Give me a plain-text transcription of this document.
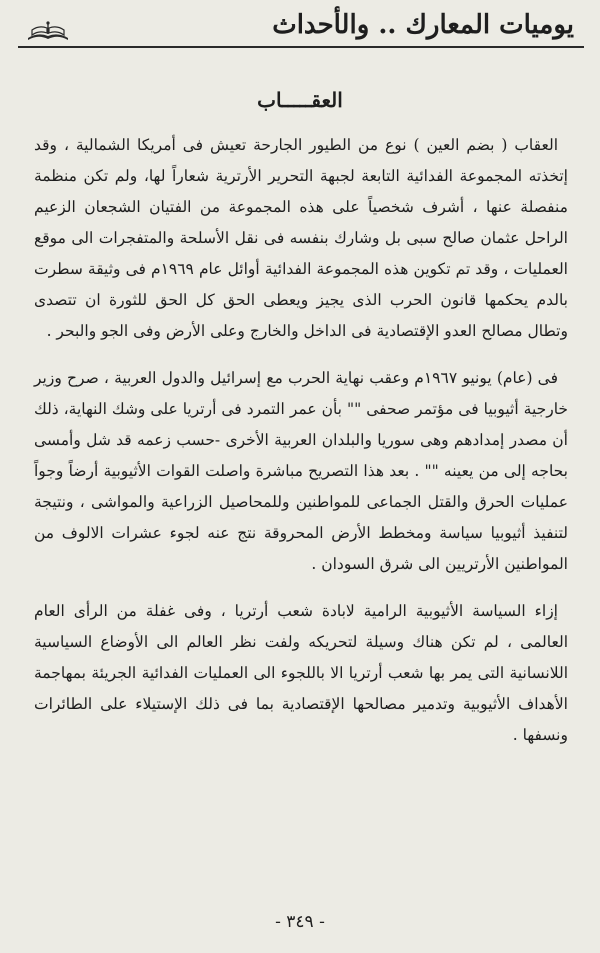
يوميات المعارك .. والأحداث
العقـــــاب

العقاب ( بضم العين ) نوع من الطيور الجارحة تعيش فى أمريكا الشمالية ، وقد إتخذته المجموعة الفدائية التابعة لجبهة التحرير الأرترية شعاراً لها، ولم تكن منظمة منفصلة عنها ، أشرف شخصياً على هذه المجموعة من الفتيان الشجعان الزعيم الراحل عثمان صالح سبى بل وشارك بنفسه فى نقل الأسلحة والمتفجرات الى موقع العمليات ، وقد تم تكوين هذه المجموعة الفدائية أوائل عام ١٩٦٩م فى وثيقة سطرت بالدم يحكمها قانون الحرب الذى يجيز ويعطى الحق كل الحق للثورة ان تتصدى وتطال مصالح العدو الإقتصادية فى الداخل والخارج وعلى الأرض وفى الجو والبحر .

فى (عام) يونيو ١٩٦٧م وعقب نهاية الحرب مع إسرائيل والدول العربية ، صرح وزير خارجية أثيوبيا فى مؤتمر صحفى "" بأن عمر التمرد فى أرتريا على وشك النهاية، ذلك أن مصدر إمدادهم وهى سوريا والبلدان العربية الأخرى -حسب زعمه قد شل وأمسى بحاجه إلى من يعينه "" . بعد هذا التصريح مباشرة واصلت القوات الأثيوبية أرضاً وجواً عمليات الحرق والقتل الجماعى للمواطنين وللمحاصيل الزراعية والمواشى ، ونتيجة لتنفيذ أثيوبيا سياسة ومخطط الأرض المحروقة نتج عنه لجوء عشرات الالوف من المواطنين الأرتريين الى شرق السودان .

إزاء السياسة الأثيوبية الرامية لابادة شعب أرتريا ، وفى غفلة من الرأى العام العالمى ، لم تكن هناك وسيلة لتحريكه ولفت نظر العالم الى الأوضاع السياسية اللانسانية التى يمر بها شعب أرتريا الا باللجوء الى العمليات الفدائية الجريئة بمهاجمة الأهداف الأثيوبية وتدمير مصالحها الإقتصادية بما فى ذلك الإستيلاء على الطائرات ونسفها .

- ٣٤٩ -
